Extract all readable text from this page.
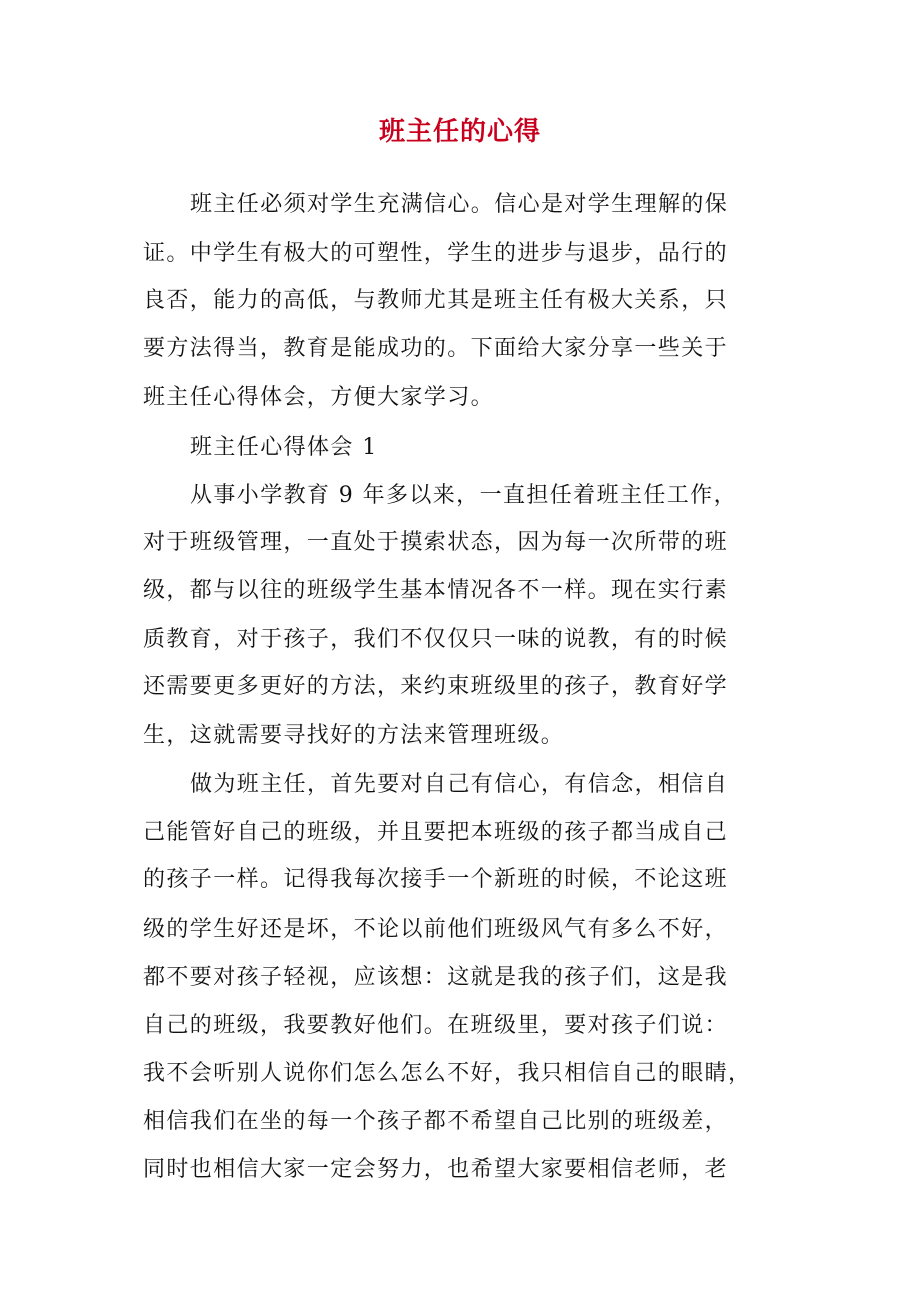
班主任的心得
班主任必须对学生充满信心。信心是对学生理解的保
证。中学生有极大的可塑性，学生的进步与退步，品行的
良否，能力的高低，与教师尤其是班主任有极大关系，只
要方法得当，教育是能成功的。下面给大家分享一些关于
班主任心得体会，方便大家学习。
班主任心得体会 1
从事小学教育 9 年多以来，一直担任着班主任工作，
对于班级管理，一直处于摸索状态，因为每一次所带的班
级，都与以往的班级学生基本情况各不一样。现在实行素
质教育，对于孩子，我们不仅仅只一味的说教，有的时候
还需要更多更好的方法，来约束班级里的孩子，教育好学
生，这就需要寻找好的方法来管理班级。
做为班主任，首先要对自己有信心，有信念，相信自
己能管好自己的班级，并且要把本班级的孩子都当成自己
的孩子一样。记得我每次接手一个新班的时候，不论这班
级的学生好还是坏，不论以前他们班级风气有多么不好，
都不要对孩子轻视，应该想：这就是我的孩子们，这是我
自己的班级，我要教好他们。在班级里，要对孩子们说：
我不会听别人说你们怎么怎么不好，我只相信自己的眼睛，
相信我们在坐的每一个孩子都不希望自己比别的班级差，
同时也相信大家一定会努力，也希望大家要相信老师，老
